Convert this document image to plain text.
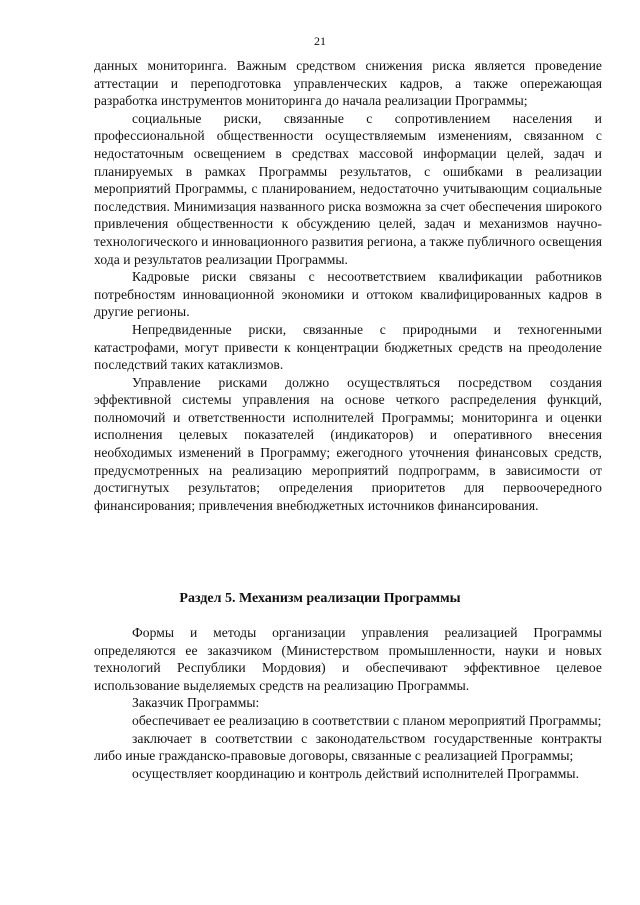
21

данных мониторинга. Важным средством снижения риска является проведение аттестации и переподготовка управленческих кадров, а также опережающая разработка инструментов мониторинга до начала реализации Программы;

социальные риски, связанные с сопротивлением населения и профессиональной общественности осуществляемым изменениям, связанном с недостаточным освещением в средствах массовой информации целей, задач и планируемых в рамках Программы результатов, с ошибками в реализации мероприятий Программы, с планированием, недостаточно учитывающим социальные последствия. Минимизация названного риска возможна за счет обеспечения широкого привлечения общественности к обсуждению целей, задач и механизмов научно-технологического и инновационного развития региона, а также публичного освещения хода и результатов реализации Программы.

Кадровые риски связаны с несоответствием квалификации работников потребностям инновационной экономики и оттоком квалифицированных кадров в другие регионы.

Непредвиденные риски, связанные с природными и техногенными катастрофами, могут привести к концентрации бюджетных средств на преодоление последствий таких катаклизмов.

Управление рисками должно осуществляться посредством создания эффективной системы управления на основе четкого распределения функций, полномочий и ответственности исполнителей Программы; мониторинга и оценки исполнения целевых показателей (индикаторов) и оперативного внесения необходимых изменений в Программу; ежегодного уточнения финансовых средств, предусмотренных на реализацию мероприятий подпрограмм, в зависимости от достигнутых результатов; определения приоритетов для первоочередного финансирования; привлечения внебюджетных источников финансирования.

Раздел 5. Механизм реализации Программы

Формы и методы организации управления реализацией Программы определяются ее заказчиком (Министерством промышленности, науки и новых технологий Республики Мордовия) и обеспечивают эффективное целевое использование выделяемых средств на реализацию Программы.

Заказчик Программы:

обеспечивает ее реализацию в соответствии с планом мероприятий Программы;

заключает в соответствии с законодательством государственные контракты либо иные гражданско-правовые договоры, связанные с реализацией Программы;

осуществляет координацию и контроль действий исполнителей Программы.
